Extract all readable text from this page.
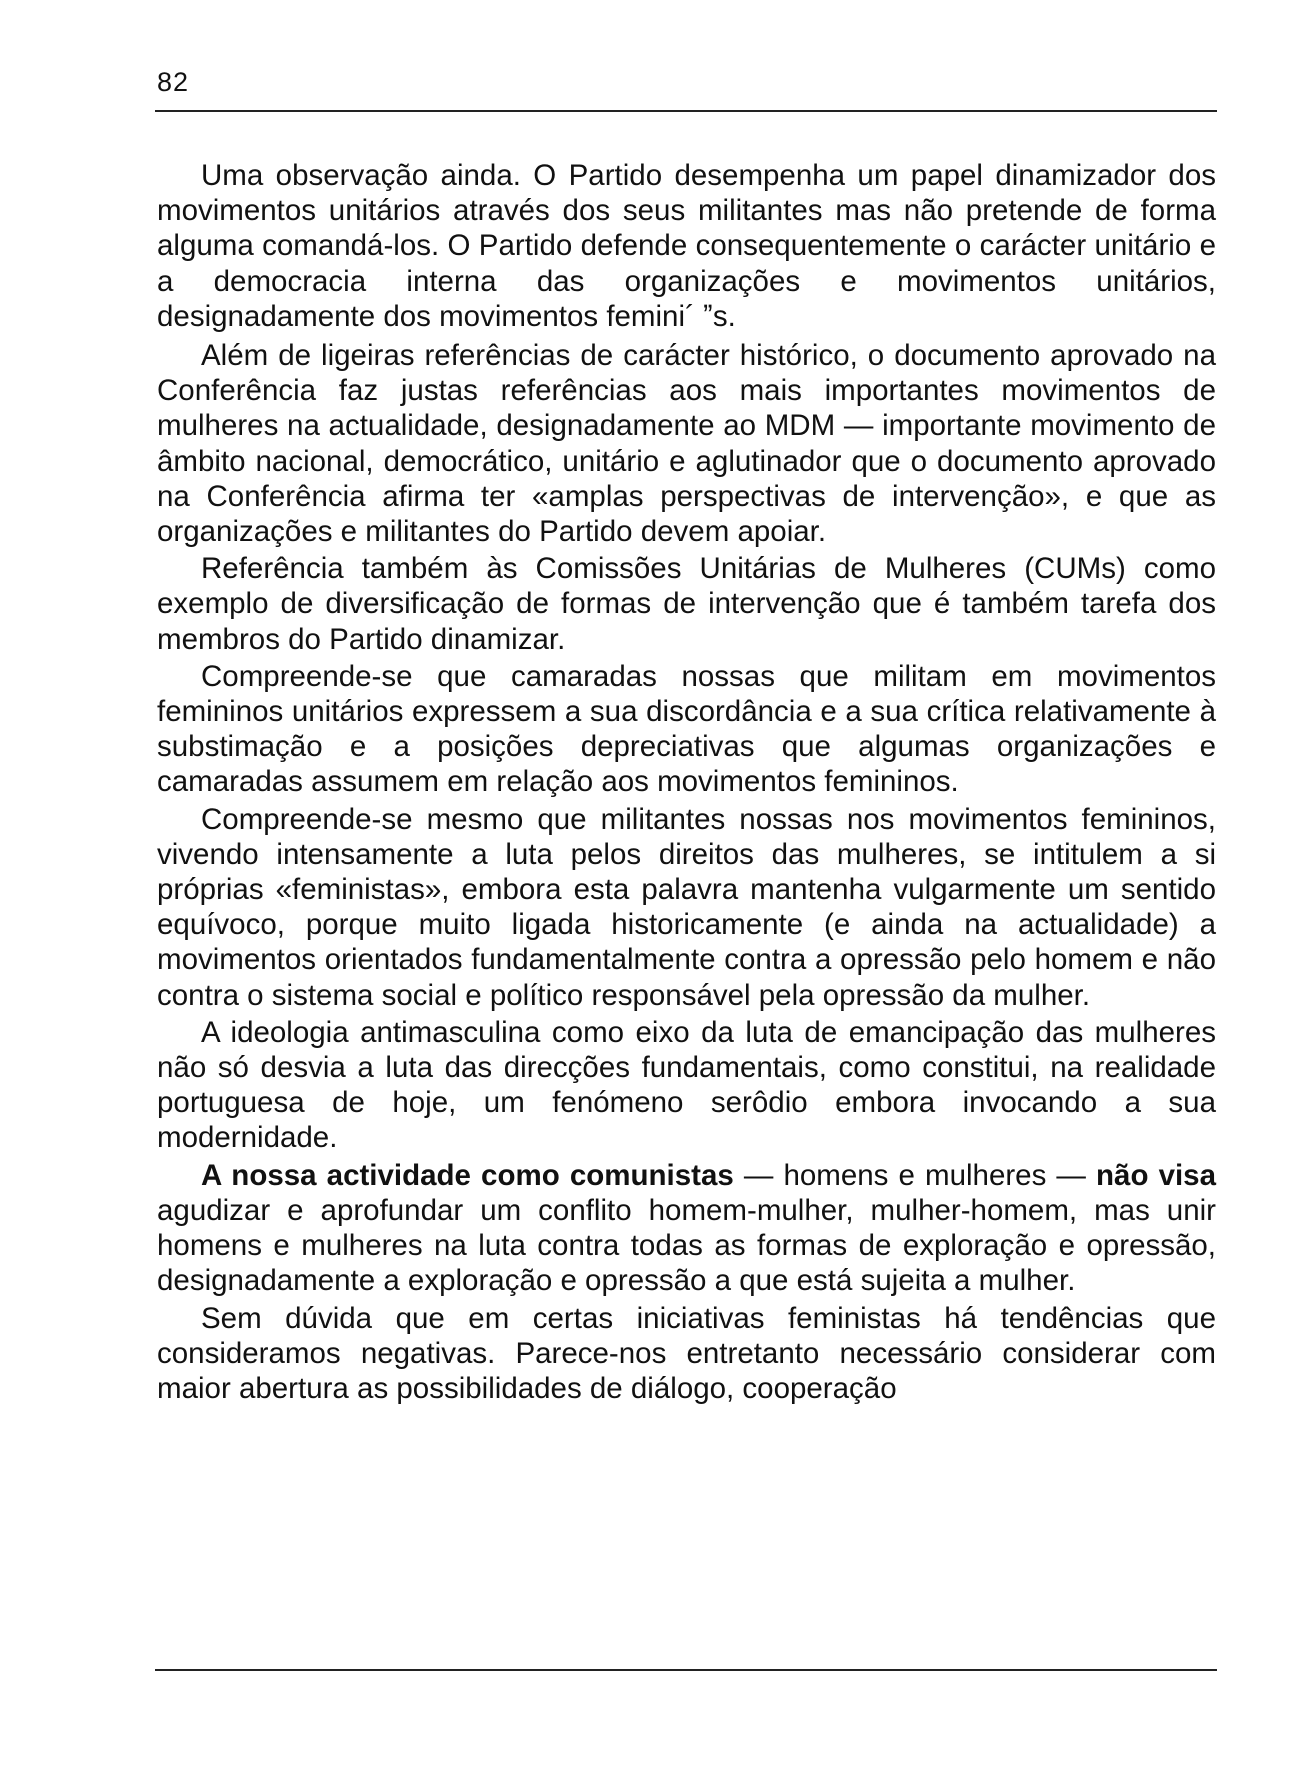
82

Uma observação ainda. O Partido desempenha um papel dinamizador dos movimentos unitários através dos seus militantes mas não pretende de forma alguma comandá-los. O Partido defende consequentemente o carácter unitário e a democracia interna das organizações e movimentos unitários, designadamente dos movimentos femini´ ˮs.

Além de ligeiras referências de carácter histórico, o documento aprovado na Conferência faz justas referências aos mais importantes movimentos de mulheres na actualidade, designadamente ao MDM — importante movimento de âmbito nacional, democrático, unitário e aglutinador que o documento aprovado na Conferência afirma ter «amplas perspectivas de intervenção», e que as organizações e militantes do Partido devem apoiar.

Referência também às Comissões Unitárias de Mulheres (CUMs) como exemplo de diversificação de formas de intervenção que é também tarefa dos membros do Partido dinamizar.

Compreende-se que camaradas nossas que militam em movimentos femininos unitários expressem a sua discordância e a sua crítica relativamente à substimação e a posições depreciativas que algumas organizações e camaradas assumem em relação aos movimentos femininos.

Compreende-se mesmo que militantes nossas nos movimentos femininos, vivendo intensamente a luta pelos direitos das mulheres, se intitulem a si próprias «feministas», embora esta palavra mantenha vulgarmente um sentido equívoco, porque muito ligada historicamente (e ainda na actualidade) a movimentos orientados fundamentalmente contra a opressão pelo homem e não contra o sistema social e político responsável pela opressão da mulher.

A ideologia antimasculina como eixo da luta de emancipação das mulheres não só desvia a luta das direcções fundamentais, como constitui, na realidade portuguesa de hoje, um fenómeno serôdio embora invocando a sua modernidade.

A nossa actividade como comunistas — homens e mulheres — não visa agudizar e aprofundar um conflito homem-mulher, mulher-homem, mas unir homens e mulheres na luta contra todas as formas de exploração e opressão, designadamente a exploração e opressão a que está sujeita a mulher.

Sem dúvida que em certas iniciativas feministas há tendências que consideramos negativas. Parece-nos entretanto necessário considerar com maior abertura as possibilidades de diálogo, cooperação
